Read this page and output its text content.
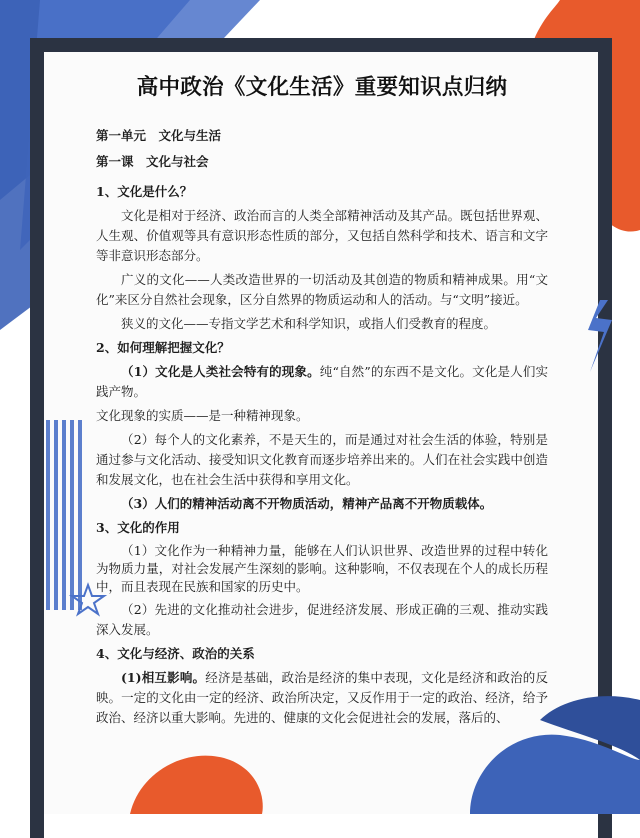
高中政治《文化生活》重要知识点归纳

第一单元　文化与生活

第一课　文化与社会

1、文化是什么？

文化是相对于经济、政治而言的人类全部精神活动及其产品。既包括世界观、人生观、价值观等具有意识形态性质的部分，又包括自然科学和技术、语言和文字等非意识形态部分。

广义的文化——人类改造世界的一切活动及其创造的物质和精神成果。用“文化”来区分自然社会现象，区分自然界的物质运动和人的活动。与“文明”接近。

狭义的文化——专指文学艺术和科学知识，或指人们受教育的程度。

2、如何理解把握文化？

（1）文化是人类社会特有的现象。纯“自然”的东西不是文化。文化是人们实践产物。

文化现象的实质——是一种精神现象。

（2）每个人的文化素养，不是天生的，而是通过对社会生活的体验，特别是通过参与文化活动、接受知识文化教育而逐步培养出来的。人们在社会实践中创造和发展文化，也在社会生活中获得和享用文化。

（3）人们的精神活动离不开物质活动，精神产品离不开物质载体。

3、文化的作用

（1）文化作为一种精神力量，能够在人们认识世界、改造世界的过程中转化为物质力量，对社会发展产生深刻的影响。这种影响，不仅表现在个人的成长历程中，而且表现在民族和国家的历史中。

（2）先进的文化推动社会进步，促进经济发展、形成正确的三观、推动实践深入发展。

4、文化与经济、政治的关系

(1)相互影响。经济是基础，政治是经济的集中表现，文化是经济和政治的反映。一定的文化由一定的经济、政治所决定，又反作用于一定的政治、经济，给予政治、经济以重大影响。先进的、健康的文化会促进社会的发展，落后的、
